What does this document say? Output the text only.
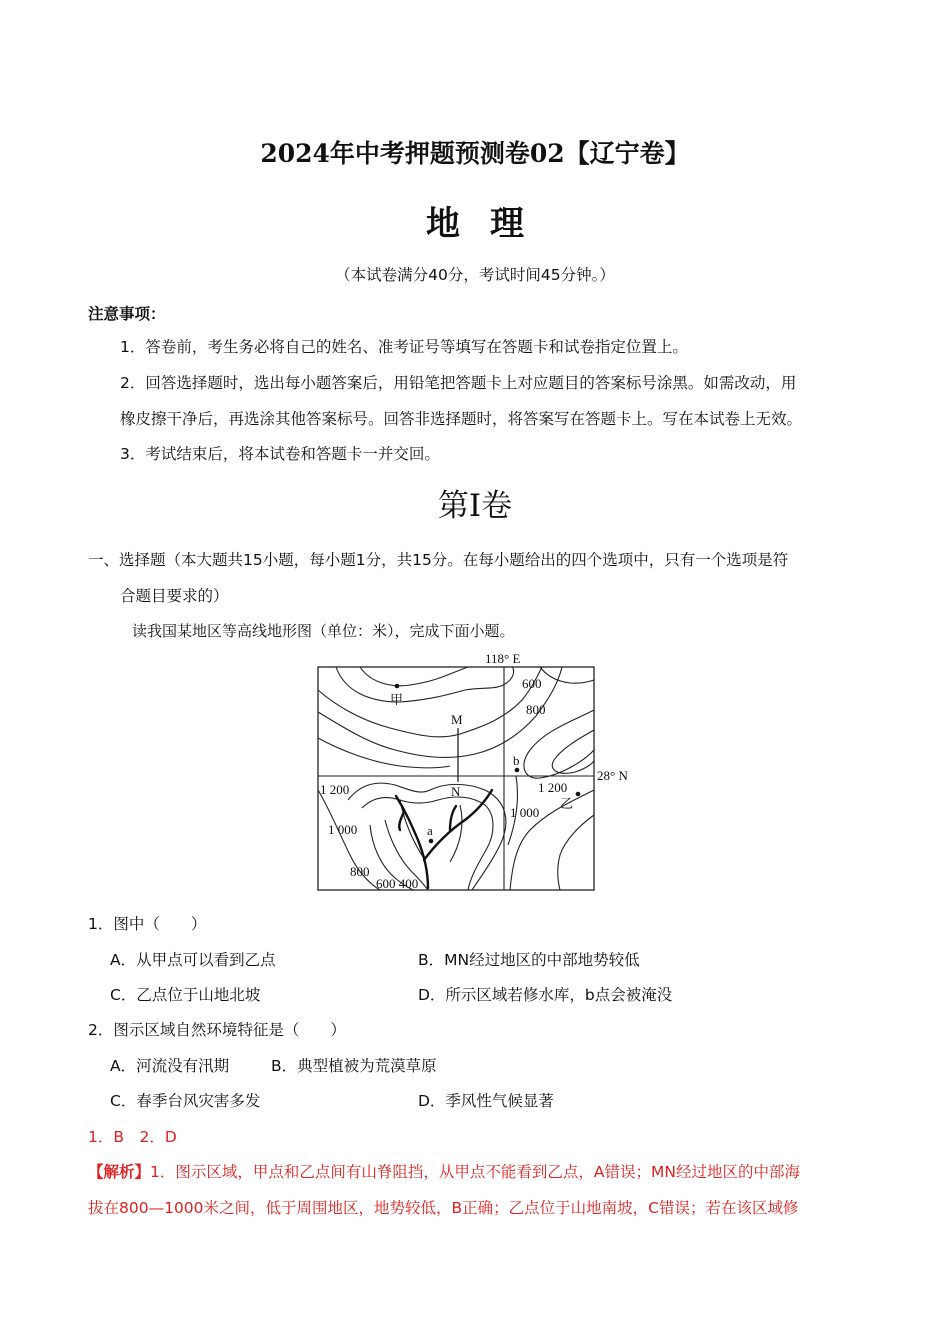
2024年中考押题预测卷02【辽宁卷】
地理
（本试卷满分40分，考试时间45分钟。）
注意事项：
1．答卷前，考生务必将自己的姓名、准考证号等填写在答题卡和试卷指定位置上。
2．回答选择题时，选出每小题答案后，用铅笔把答题卡上对应题目的答案标号涂黑。如需改动，用
橡皮擦干净后，再选涂其他答案标号。回答非选择题时，将答案写在答题卡上。写在本试卷上无效。
3．考试结束后，将本试卷和答题卡一并交回。
第I卷
一、选择题（本大题共15小题，每小题1分，共15分。在每小题给出的四个选项中，只有一个选项是符
合题目要求的）
读我国某地区等高线地形图（单位：米），完成下面小题。
118° E
28° N
甲
M
N
b
乙
a
600
800
1 200
1 000
800
600 400
1 200
1 000
1．图中（　　）
A．从甲点可以看到乙点	B．MN经过地区的中部地势较低
C．乙点位于山地北坡	D．所示区域若修水库，b点会被淹没
2．图示区域自然环境特征是（　　）
A．河流没有汛期	B．典型植被为荒漠草原
C．春季台风灾害多发	D．季风性气候显著
1．B　2．D
【解析】1．图示区域，甲点和乙点间有山脊阻挡，从甲点不能看到乙点，A错误；MN经过地区的中部海
拔在800—1000米之间，低于周围地区，地势较低，B正确；乙点位于山地南坡，C错误；若在该区域修
